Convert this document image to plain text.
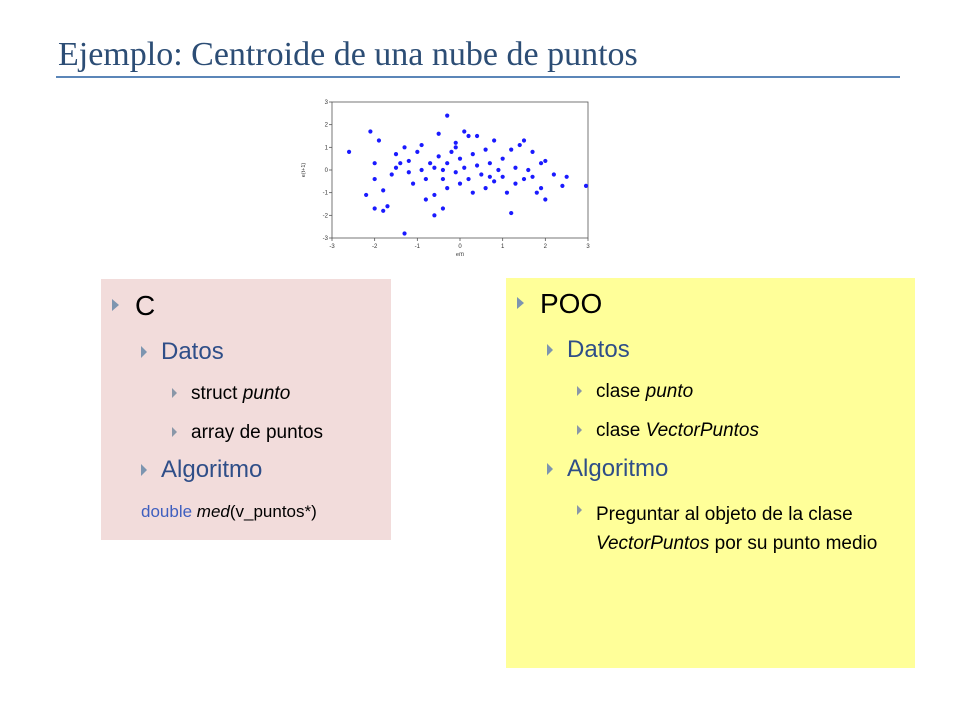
Ejemplo: Centroide de una nube de puntos
-3	-2	-1	0	1	2	3
3
2
1
0
-1
-2
-3
e(t)
e(t+1)
C
Datos
struct punto
array de puntos
Algoritmo
double med(v_puntos*)
POO
Datos
clase punto
clase VectorPuntos
Algoritmo
Preguntar al objeto de la clase VectorPuntos por su punto medio
